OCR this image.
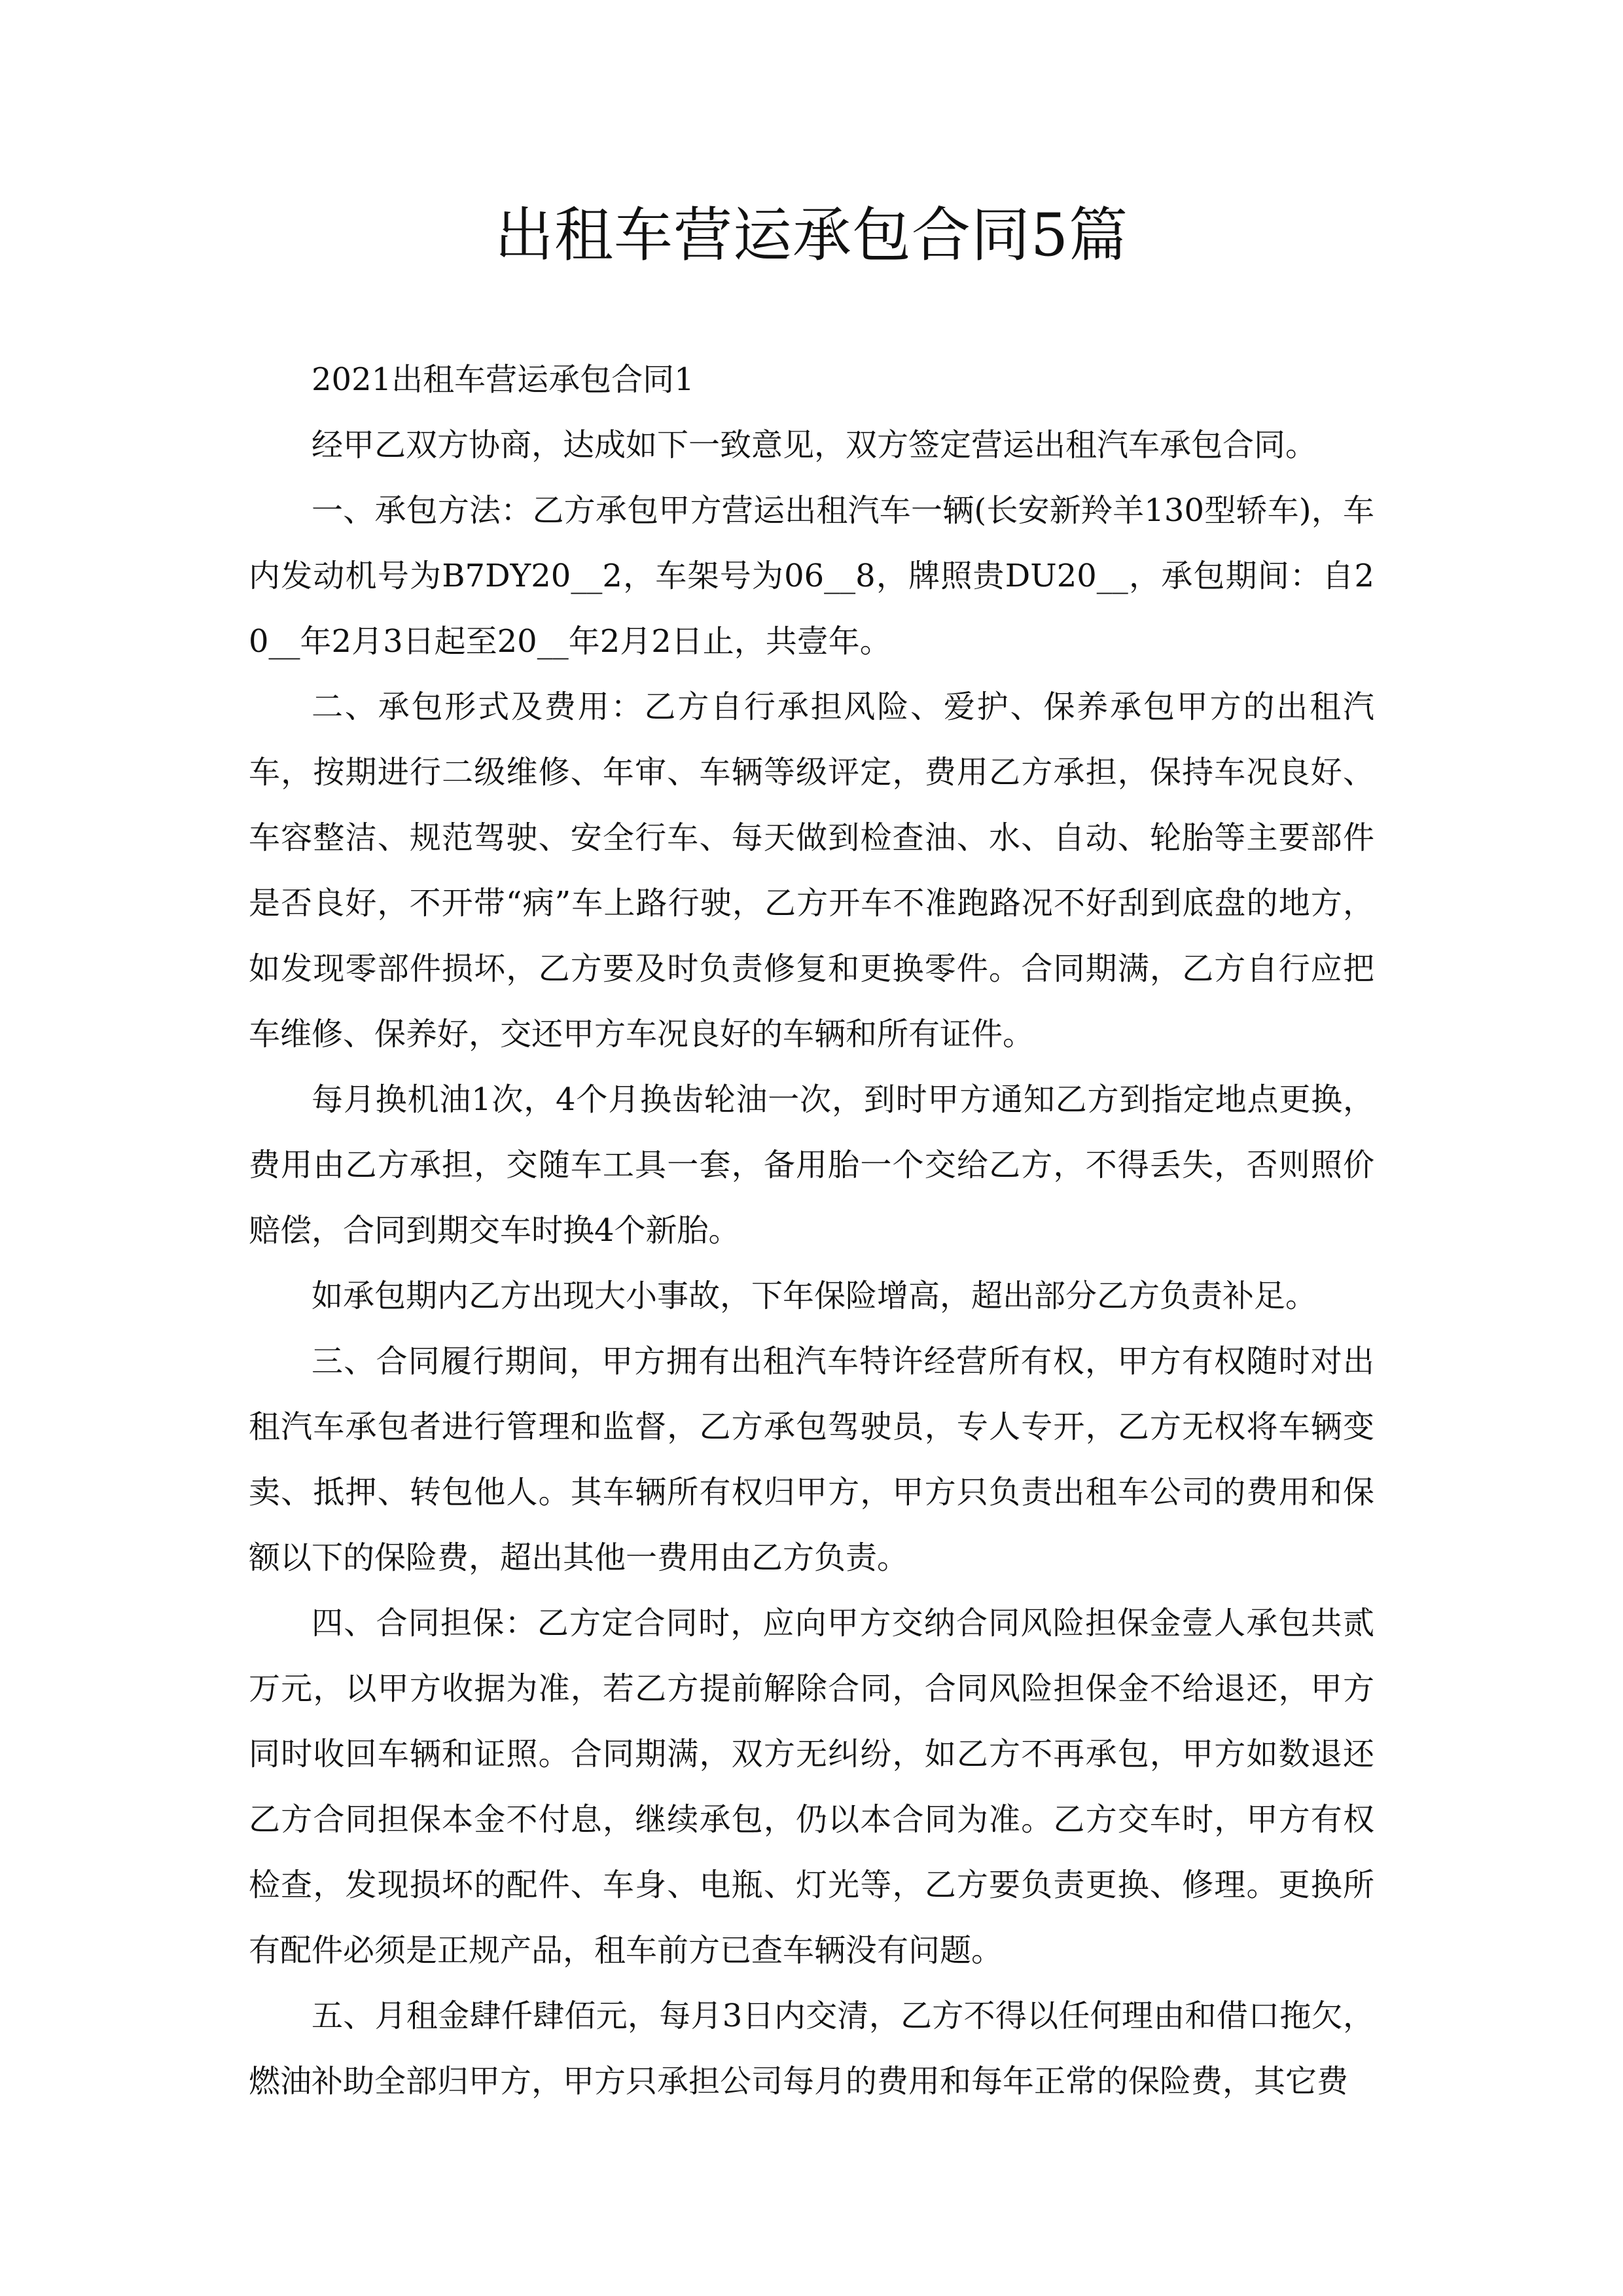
出租车营运承包合同5篇

2021出租车营运承包合同1

经甲乙双方协商，达成如下一致意见，双方签定营运出租汽车承包合同。

一、承包方法：乙方承包甲方营运出租汽车一辆(长安新羚羊130型轿车)，车内发动机号为B7DY20__2，车架号为06__8，牌照贵DU20__，承包期间：自20__年2月3日起至20__年2月2日止，共壹年。

二、承包形式及费用：乙方自行承担风险、爱护、保养承包甲方的出租汽车，按期进行二级维修、年审、车辆等级评定，费用乙方承担，保持车况良好、车容整洁、规范驾驶、安全行车、每天做到检查油、水、自动、轮胎等主要部件是否良好，不开带“病”车上路行驶，乙方开车不准跑路况不好刮到底盘的地方，如发现零部件损坏，乙方要及时负责修复和更换零件。合同期满，乙方自行应把车维修、保养好，交还甲方车况良好的车辆和所有证件。

每月换机油1次，4个月换齿轮油一次，到时甲方通知乙方到指定地点更换，费用由乙方承担，交随车工具一套，备用胎一个交给乙方，不得丢失，否则照价赔偿，合同到期交车时换4个新胎。

如承包期内乙方出现大小事故，下年保险增高，超出部分乙方负责补足。

三、合同履行期间，甲方拥有出租汽车特许经营所有权，甲方有权随时对出租汽车承包者进行管理和监督，乙方承包驾驶员，专人专开，乙方无权将车辆变卖、抵押、转包他人。其车辆所有权归甲方，甲方只负责出租车公司的费用和保额以下的保险费，超出其他一费用由乙方负责。

四、合同担保：乙方定合同时，应向甲方交纳合同风险担保金壹人承包共贰万元，以甲方收据为准，若乙方提前解除合同，合同风险担保金不给退还，甲方同时收回车辆和证照。合同期满，双方无纠纷，如乙方不再承包，甲方如数退还乙方合同担保本金不付息，继续承包，仍以本合同为准。乙方交车时，甲方有权检查，发现损坏的配件、车身、电瓶、灯光等，乙方要负责更换、修理。更换所有配件必须是正规产品，租车前方已查车辆没有问题。

五、月租金肆仟肆佰元，每月3日内交清，乙方不得以任何理由和借口拖欠，燃油补助全部归甲方，甲方只承担公司每月的费用和每年正常的保险费，其它费
